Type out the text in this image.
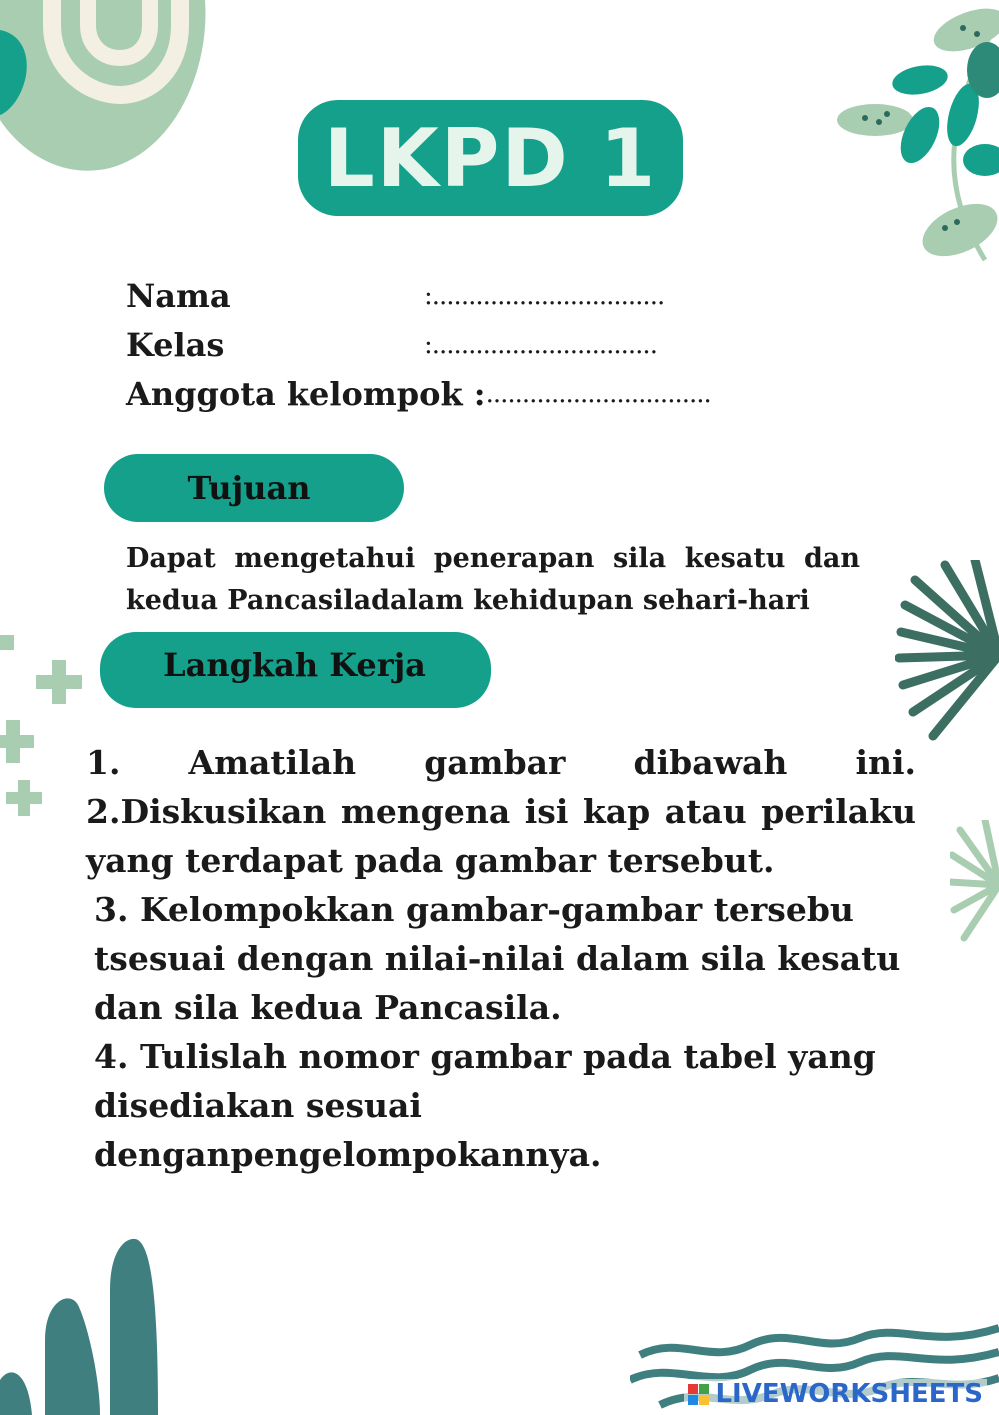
LKPD 1
Nama	:................................
Kelas	:...............................
Anggota kelompok : ...............................
Tujuan
Dapat mengetahui penerapan sila kesatu dan kedua Pancasiladalam kehidupan sehari-hari
Langkah Kerja

1. Amatilah gambar dibawah ini. 2.Diskusikan mengena isi kap atau perilaku yang terdapat pada gambar tersebut.

3. Kelompokkan gambar-gambar tersebu tsesuai dengan nilai-nilai dalam sila kesatu dan sila kedua Pancasila.

4. Tulislah nomor gambar pada tabel yang disediakan sesuai denganpengelompokannya.

LIVEWORKSHEETS
